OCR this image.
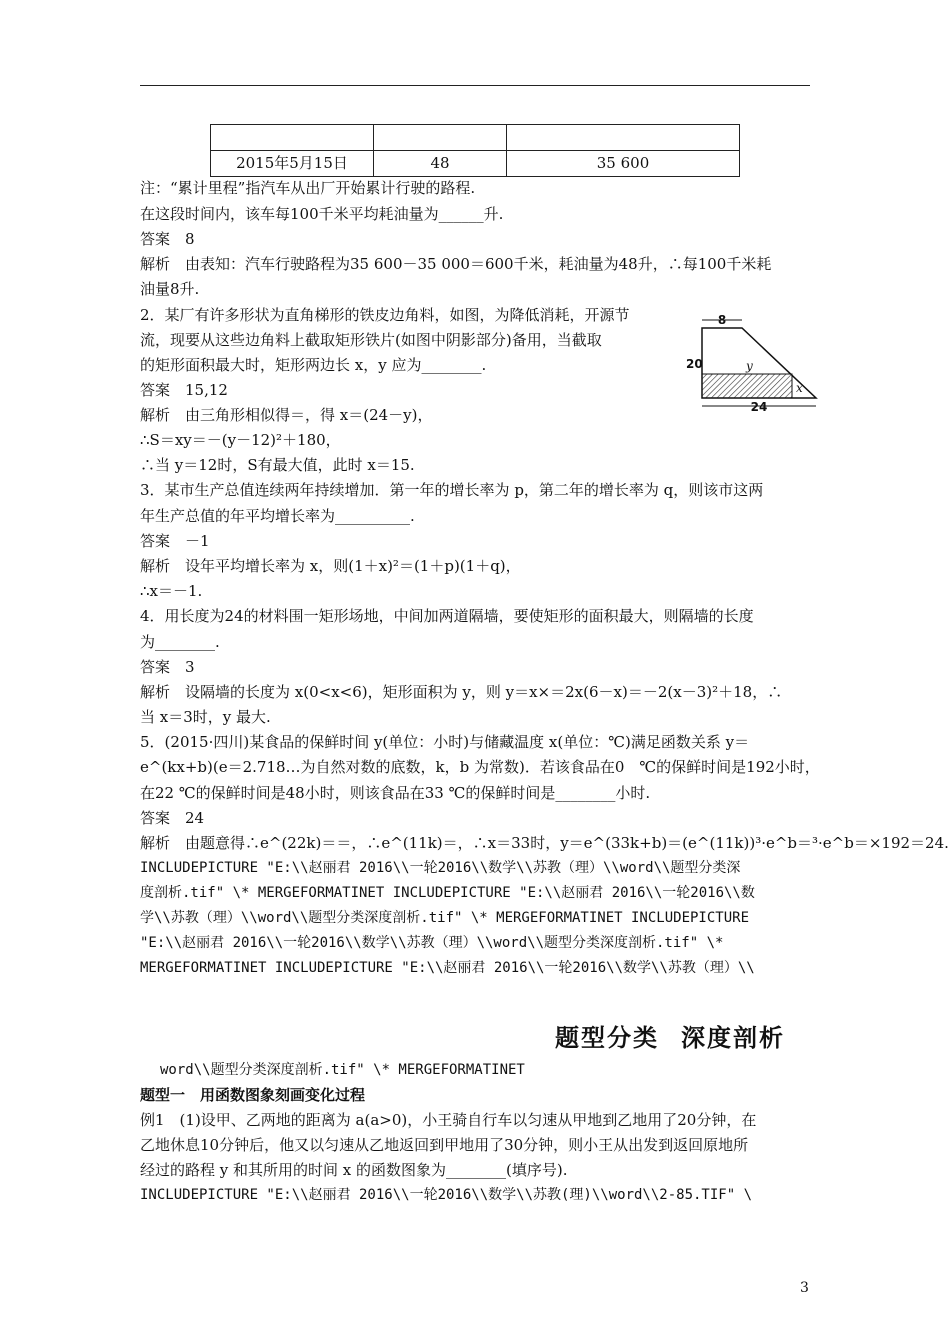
2015年5月15日	48	35 600
注：“累计里程”指汽车从出厂开始累计行驶的路程.
在这段时间内，该车每100千米平均耗油量为______升.
答案　8
解析　由表知：汽车行驶路程为35 600－35 000＝600千米，耗油量为48升，∴每100千米耗
油量8升.
2．某厂有许多形状为直角梯形的铁皮边角料，如图，为降低消耗，开源节
流，现要从这些边角料上截取矩形铁片(如图中阴影部分)备用，当截取
的矩形面积最大时，矩形两边长 x，y 应为________.
答案　15,12
解析　由三角形相似得＝，得 x＝(24－y)，
∴S＝xy＝－(y－12)²＋180，
∴当 y＝12时，S有最大值，此时 x＝15.
3．某市生产总值连续两年持续增加．第一年的增长率为 p，第二年的增长率为 q，则该市这两
年生产总值的年平均增长率为__________.
答案　－1
解析　设年平均增长率为 x，则(1＋x)²＝(1＋p)(1＋q)，
∴x＝－1.
4．用长度为24的材料围一矩形场地，中间加两道隔墙，要使矩形的面积最大，则隔墙的长度
为________.
答案　3
解析　设隔墙的长度为 x(0<x<6)，矩形面积为 y，则 y＝x×＝2x(6－x)＝－2(x－3)²＋18，∴
当 x＝3时，y 最大.
5．(2015·四川)某食品的保鲜时间 y(单位：小时)与储藏温度 x(单位：℃)满足函数关系 y＝
e^(kx+b)(e＝2.718…为自然对数的底数，k，b 为常数)．若该食品在0　℃的保鲜时间是192小时，
在22 ℃的保鲜时间是48小时，则该食品在33 ℃的保鲜时间是________小时.
答案　24
解析　由题意得∴e^(22k)＝＝，∴e^(11k)＝，∴x＝33时，y＝e^(33k+b)＝(e^(11k))³·e^b＝³·e^b＝×192＝24.
INCLUDEPICTURE "E:\\赵丽君 2016\\一轮2016\\数学\\苏教（理）\\word\\题型分类深
度剖析.tif" \* MERGEFORMATINET INCLUDEPICTURE "E:\\赵丽君 2016\\一轮2016\\数
学\\苏教（理）\\word\\题型分类深度剖析.tif" \* MERGEFORMATINET INCLUDEPICTURE
"E:\\赵丽君 2016\\一轮2016\\数学\\苏教（理）\\word\\题型分类深度剖析.tif" \*
MERGEFORMATINET INCLUDEPICTURE "E:\\赵丽君 2016\\一轮2016\\数学\\苏教（理）\\
题型分类 深度剖析
word\\题型分类深度剖析.tif" \* MERGEFORMATINET
题型一　用函数图象刻画变化过程
例1　(1)设甲、乙两地的距离为 a(a>0)，小王骑自行车以匀速从甲地到乙地用了20分钟，在
乙地休息10分钟后，他又以匀速从乙地返回到甲地用了30分钟，则小王从出发到返回原地所
经过的路程 y 和其所用的时间 x 的函数图象为________(填序号).
INCLUDEPICTURE "E:\\赵丽君 2016\\一轮2016\\数学\\苏教(理)\\word\\2-85.TIF" \
8
20
24
y
x
3
